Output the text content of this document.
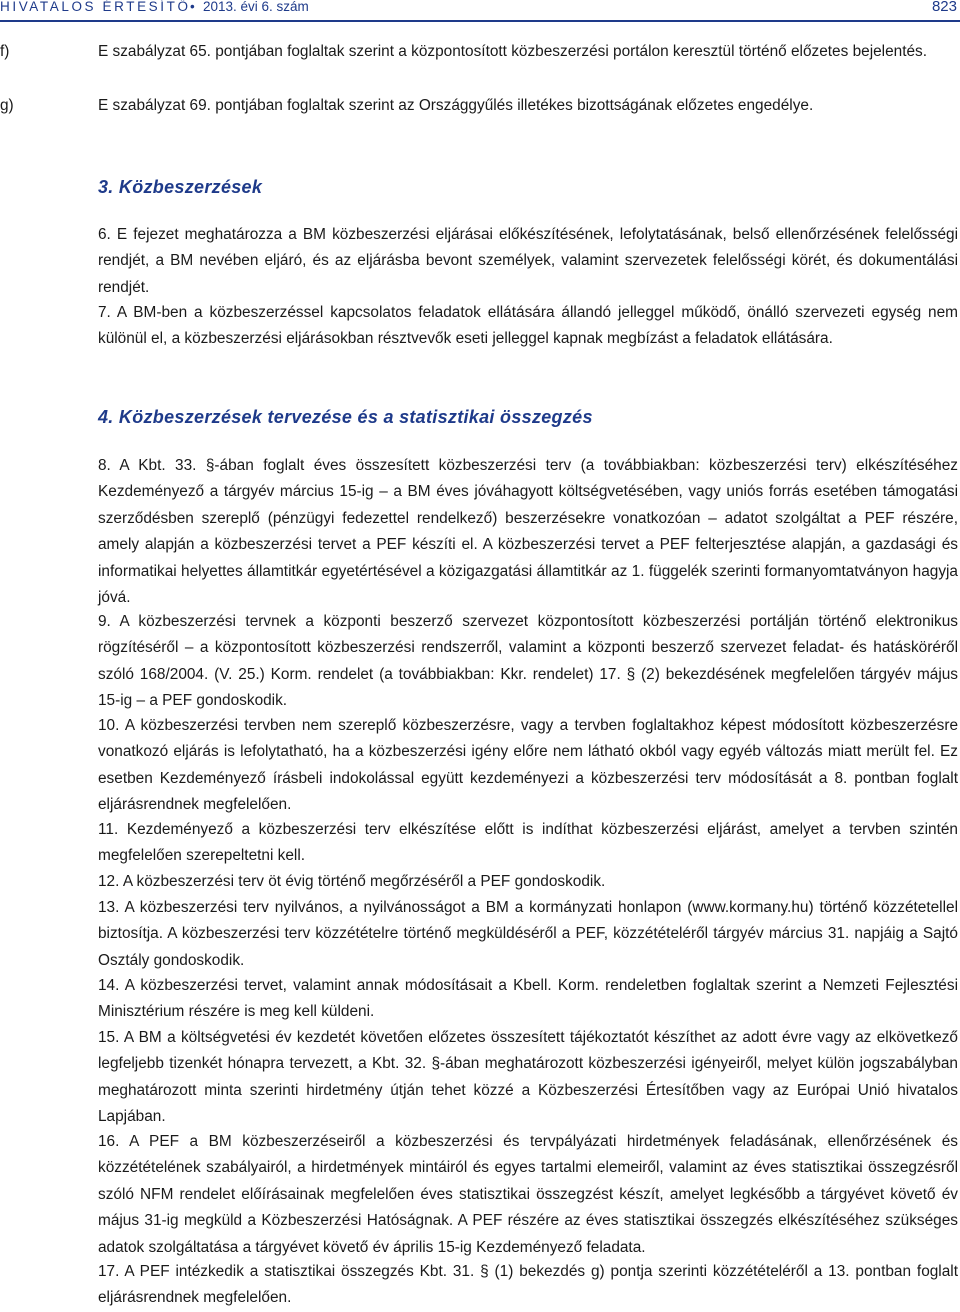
HIVATALOS ÉRTESÍTŐ • 2013. évi 6. szám	823

f)	E szabályzat 65. pontjában foglaltak szerint a központosított közbeszerzési portálon keresztül történő előzetes bejelentés.

g)	E szabályzat 69. pontjában foglaltak szerint az Országgyűlés illetékes bizottságának előzetes engedélye.

3. Közbeszerzések

6. E fejezet meghatározza a BM közbeszerzési eljárásai előkészítésének, lefolytatásának, belső ellenőrzésének felelősségi rendjét, a BM nevében eljáró, és az eljárásba bevont személyek, valamint szervezetek felelősségi körét, és dokumentálási rendjét.

7. A BM-ben a közbeszerzéssel kapcsolatos feladatok ellátására állandó jelleggel működő, önálló szervezeti egység nem különül el, a közbeszerzési eljárásokban résztvevők eseti jelleggel kapnak megbízást a feladatok ellátására.

4. Közbeszerzések tervezése és a statisztikai összegzés

8. A Kbt. 33. §-ában foglalt éves összesített közbeszerzési terv (a továbbiakban: közbeszerzési terv) elkészítéséhez Kezdeményező a tárgyév március 15-ig – a BM éves jóváhagyott költségvetésében, vagy uniós forrás esetében támogatási szerződésben szereplő (pénzügyi fedezettel rendelkező) beszerzésekre vonatkozóan – adatot szolgáltat a PEF részére, amely alapján a közbeszerzési tervet a PEF készíti el. A közbeszerzési tervet a PEF felterjesztése alapján, a gazdasági és informatikai helyettes államtitkár egyetértésével a közigazgatási államtitkár az 1. függelék szerinti formanyomtatványon hagyja jóvá.

9. A közbeszerzési tervnek a központi beszerző szervezet központosított közbeszerzési portálján történő elektronikus rögzítéséről – a központosított közbeszerzési rendszerről, valamint a központi beszerző szervezet feladat- és hatásköréről szóló 168/2004. (V. 25.) Korm. rendelet (a továbbiakban: Kkr. rendelet) 17. § (2) bekezdésének megfelelően tárgyév május 15-ig – a PEF gondoskodik.

10. A közbeszerzési tervben nem szereplő közbeszerzésre, vagy a tervben foglaltakhoz képest módosított közbeszerzésre vonatkozó eljárás is lefolytatható, ha a közbeszerzési igény előre nem látható okból vagy egyéb változás miatt merült fel. Ez esetben Kezdeményező írásbeli indokolással együtt kezdeményezi a közbeszerzési terv módosítását a 8. pontban foglalt eljárásrendnek megfelelően.

11. Kezdeményező a közbeszerzési terv elkészítése előtt is indíthat közbeszerzési eljárást, amelyet a tervben szintén megfelelően szerepeltetni kell.

12. A közbeszerzési terv öt évig történő megőrzéséről a PEF gondoskodik.

13. A közbeszerzési terv nyilvános, a nyilvánosságot a BM a kormányzati honlapon (www.kormany.hu) történő közzétetellel biztosítja. A közbeszerzési terv közzétételre történő megküldéséről a PEF, közzétételéről tárgyév március 31. napjáig a Sajtó Osztály gondoskodik.

14. A közbeszerzési tervet, valamint annak módosításait a Kbell. Korm. rendeletben foglaltak szerint a Nemzeti Fejlesztési Minisztérium részére is meg kell küldeni.

15. A BM a költségvetési év kezdetét követően előzetes összesített tájékoztatót készíthet az adott évre vagy az elkövetkező legfeljebb tizenkét hónapra tervezett, a Kbt. 32. §-ában meghatározott közbeszerzési igényeiről, melyet külön jogszabályban meghatározott minta szerinti hirdetmény útján tehet közzé a Közbeszerzési Értesítőben vagy az Európai Unió hivatalos Lapjában.

16. A PEF a BM közbeszerzéseiről a közbeszerzési és tervpályázati hirdetmények feladásának, ellenőrzésének és közzétételének szabályairól, a hirdetmények mintáiról és egyes tartalmi elemeiről, valamint az éves statisztikai összegzésről szóló NFM rendelet előírásainak megfelelően éves statisztikai összegzést készít, amelyet legkésőbb a tárgyévet követő év május 31-ig megküld a Közbeszerzési Hatóságnak. A PEF részére az éves statisztikai összegzés elkészítéséhez szükséges adatok szolgáltatása a tárgyévet követő év április 15-ig Kezdeményező feladata.

17. A PEF intézkedik a statisztikai összegzés Kbt. 31. § (1) bekezdés g) pontja szerinti közzétételéről a 13. pontban foglalt eljárásrendnek megfelelően.
